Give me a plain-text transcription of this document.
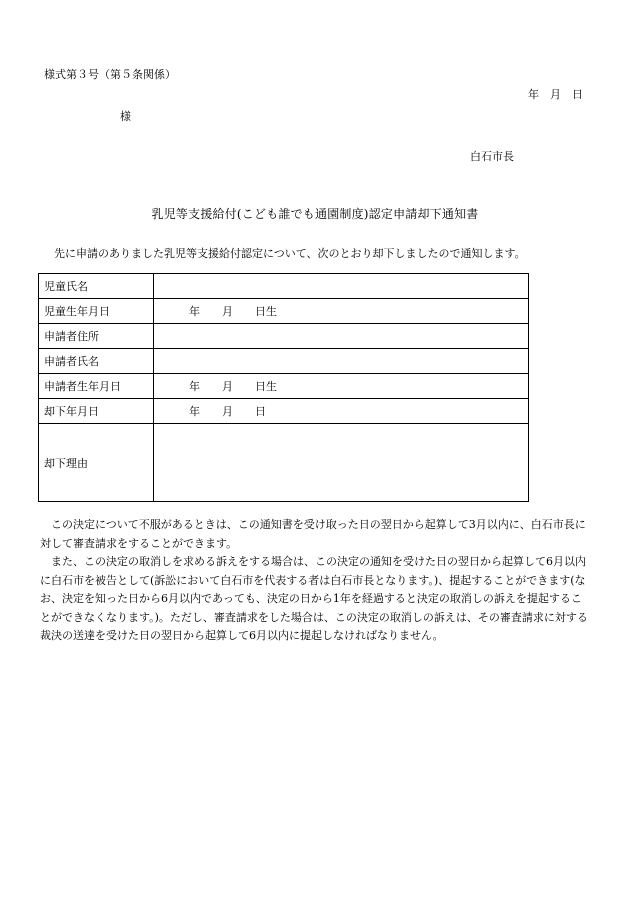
様式第３号（第５条関係）
年　月　日
様
白石市長
乳児等支援給付(こども誰でも通園制度)認定申請却下通知書
先に申請のありました乳児等支援給付認定について、次のとおり却下しましたので通知します。
児童氏名	
児童生年月日	年　　月　　日生
申請者住所	
申請者氏名	
申請者生年月日	年　　月　　日生
却下年月日	年　　月　　日
却下理由	

この決定について不服があるときは、この通知書を受け取った日の翌日から起算して3月以内に、白石市長に対して審査請求をすることができます。

また、この決定の取消しを求める訴えをする場合は、この決定の通知を受けた日の翌日から起算して6月以内に白石市を被告として(訴訟において白石市を代表する者は白石市長となります。)、提起することができます(なお、決定を知った日から6月以内であっても、決定の日から1年を経過すると決定の取消しの訴えを提起することができなくなります。)。ただし、審査請求をした場合は、この決定の取消しの訴えは、その審査請求に対する裁決の送達を受けた日の翌日から起算して6月以内に提起しなければなりません。
